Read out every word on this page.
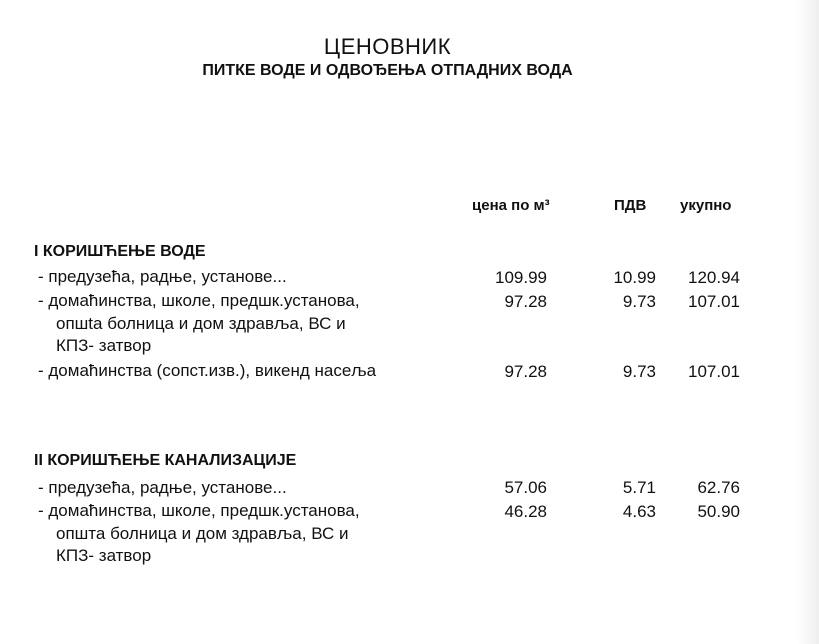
ЦЕНОВНИК
ПИТКЕ ВОДЕ И ОДВОЂЕЊА ОТПАДНИХ ВОДА
цена по м³	ПДВ укупно
I КОРИШЋЕЊЕ ВОДЕ
- предузећа, радње, установе...	109.99	10.99 120.94
- домаћинства, школе, предшк.установа,
опшtа болница и дом здравља, ВС и
КПЗ- затвор
97.28	9.73 107.01
- домаћинства (сопст.изв.), викенд насеља	97.28	9.73 107.01
II КОРИШЋЕЊЕ КАНАЛИЗАЦИЈЕ
- предузећа, радње, установе...	57.06	5.71 62.76
- домаћинства, школе, предшк.установа,
општа болница и дом здравља, ВС и
КПЗ- затвор
46.28	4.63 50.90
